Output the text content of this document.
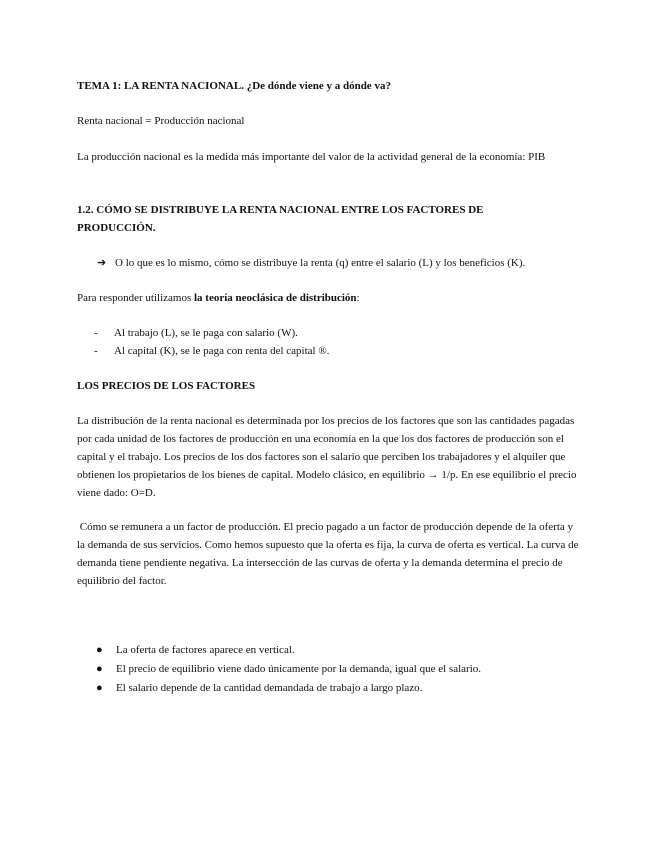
TEMA 1: LA RENTA NACIONAL. ¿De dónde viene y a dónde va?

Renta nacional = Producción nacional

La producción nacional es la medida más importante del valor de la actividad general de la economía: PIB

1.2. CÓMO SE DISTRIBUYE LA RENTA NACIONAL ENTRE LOS FACTORES DE PRODUCCIÓN.

➔ O lo que es lo mismo, cómo se distribuye la renta (q) entre el salario (L) y los beneficios (K).

Para responder utilizamos la teoría neoclásica de distribución:

- Al trabajo (L), se le paga con salario (W).
- Al capital (K), se le paga con renta del capital ®.

LOS PRECIOS DE LOS FACTORES

La distribución de la renta nacional es determinada por los precios de los factores que son las cantidades pagadas por cada unidad de los factores de producción en una economía en la que los dos factores de producción son el capital y el trabajo. Los precios de los dos factores son el salario que perciben los trabajadores y el alquiler que obtienen los propietarios de los bienes de capital. Modelo clásico, en equilibrio → 1/p. En ese equilibrio el precio viene dado: O=D.

Cómo se remunera a un factor de producción. El precio pagado a un factor de producción depende de la oferta y la demanda de sus servicios. Como hemos supuesto que la oferta es fija, la curva de oferta es vertical. La curva de demanda tiene pendiente negativa. La intersección de las curvas de oferta y la demanda determina el precio de equilibrio del factor.

● La oferta de factores aparece en vertical.
● El precio de equilibrio viene dado únicamente por la demanda, igual que el salario.
● El salario depende de la cantidad demandada de trabajo a largo plazo.
